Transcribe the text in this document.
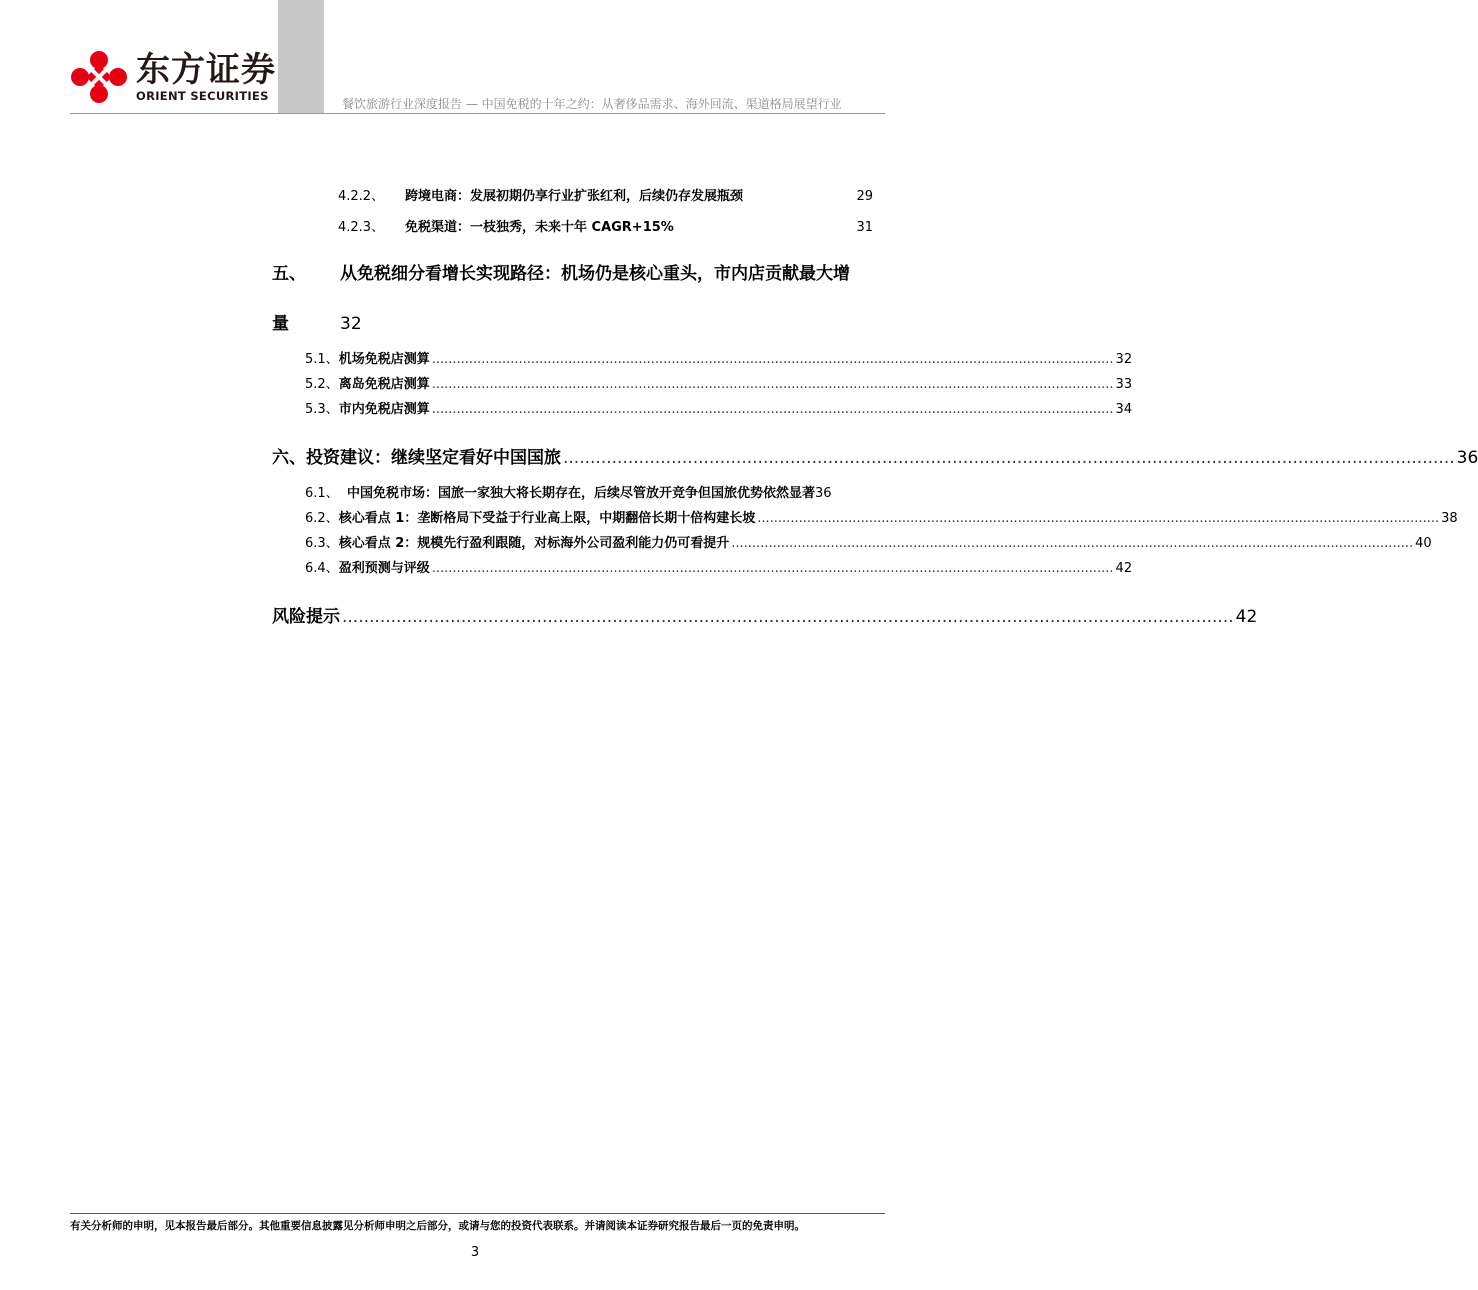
东方证券
ORIENT SECURITIES
餐饮旅游行业深度报告 — 中国免税的十年之约：从奢侈品需求、海外回流、渠道格局展望行业
4.2.2、	跨境电商：发展初期仍享行业扩张红利，后续仍存发展瓶颈	29
4.2.3、	免税渠道：一枝独秀，未来十年 CAGR+15%	31
五、	从免税细分看增长实现路径：机场仍是核心重头，市内店贡献最大增
量	32
5.1、 机场免税店测算 ..................................................................................................................................................................... 32
5.2、 离岛免税店测算 ..................................................................................................................................................................... 33
5.3、 市内免税店测算 ..................................................................................................................................................................... 34
六、投资建议：继续坚定看好中国国旅 ..................................................................................................................................................................... 36
6.1、 中国免税市场：国旅一家独大将长期存在，后续尽管放开竞争但国旅优势依然显著 36
6.2、 核心看点 1：垄断格局下受益于行业高上限，中期翻倍长期十倍构建长坡 ..................................................................................................................................................................... 38
6.3、 核心看点 2：规模先行盈利跟随，对标海外公司盈利能力仍可看提升 ..................................................................................................................................................................... 40
6.4、 盈利预测与评级 ..................................................................................................................................................................... 42
风险提示 ..................................................................................................................................................................... 42
有关分析师的申明，见本报告最后部分。其他重要信息披露见分析师申明之后部分，或请与您的投资代表联系。并请阅读本证券研究报告最后一页的免责申明。
3
